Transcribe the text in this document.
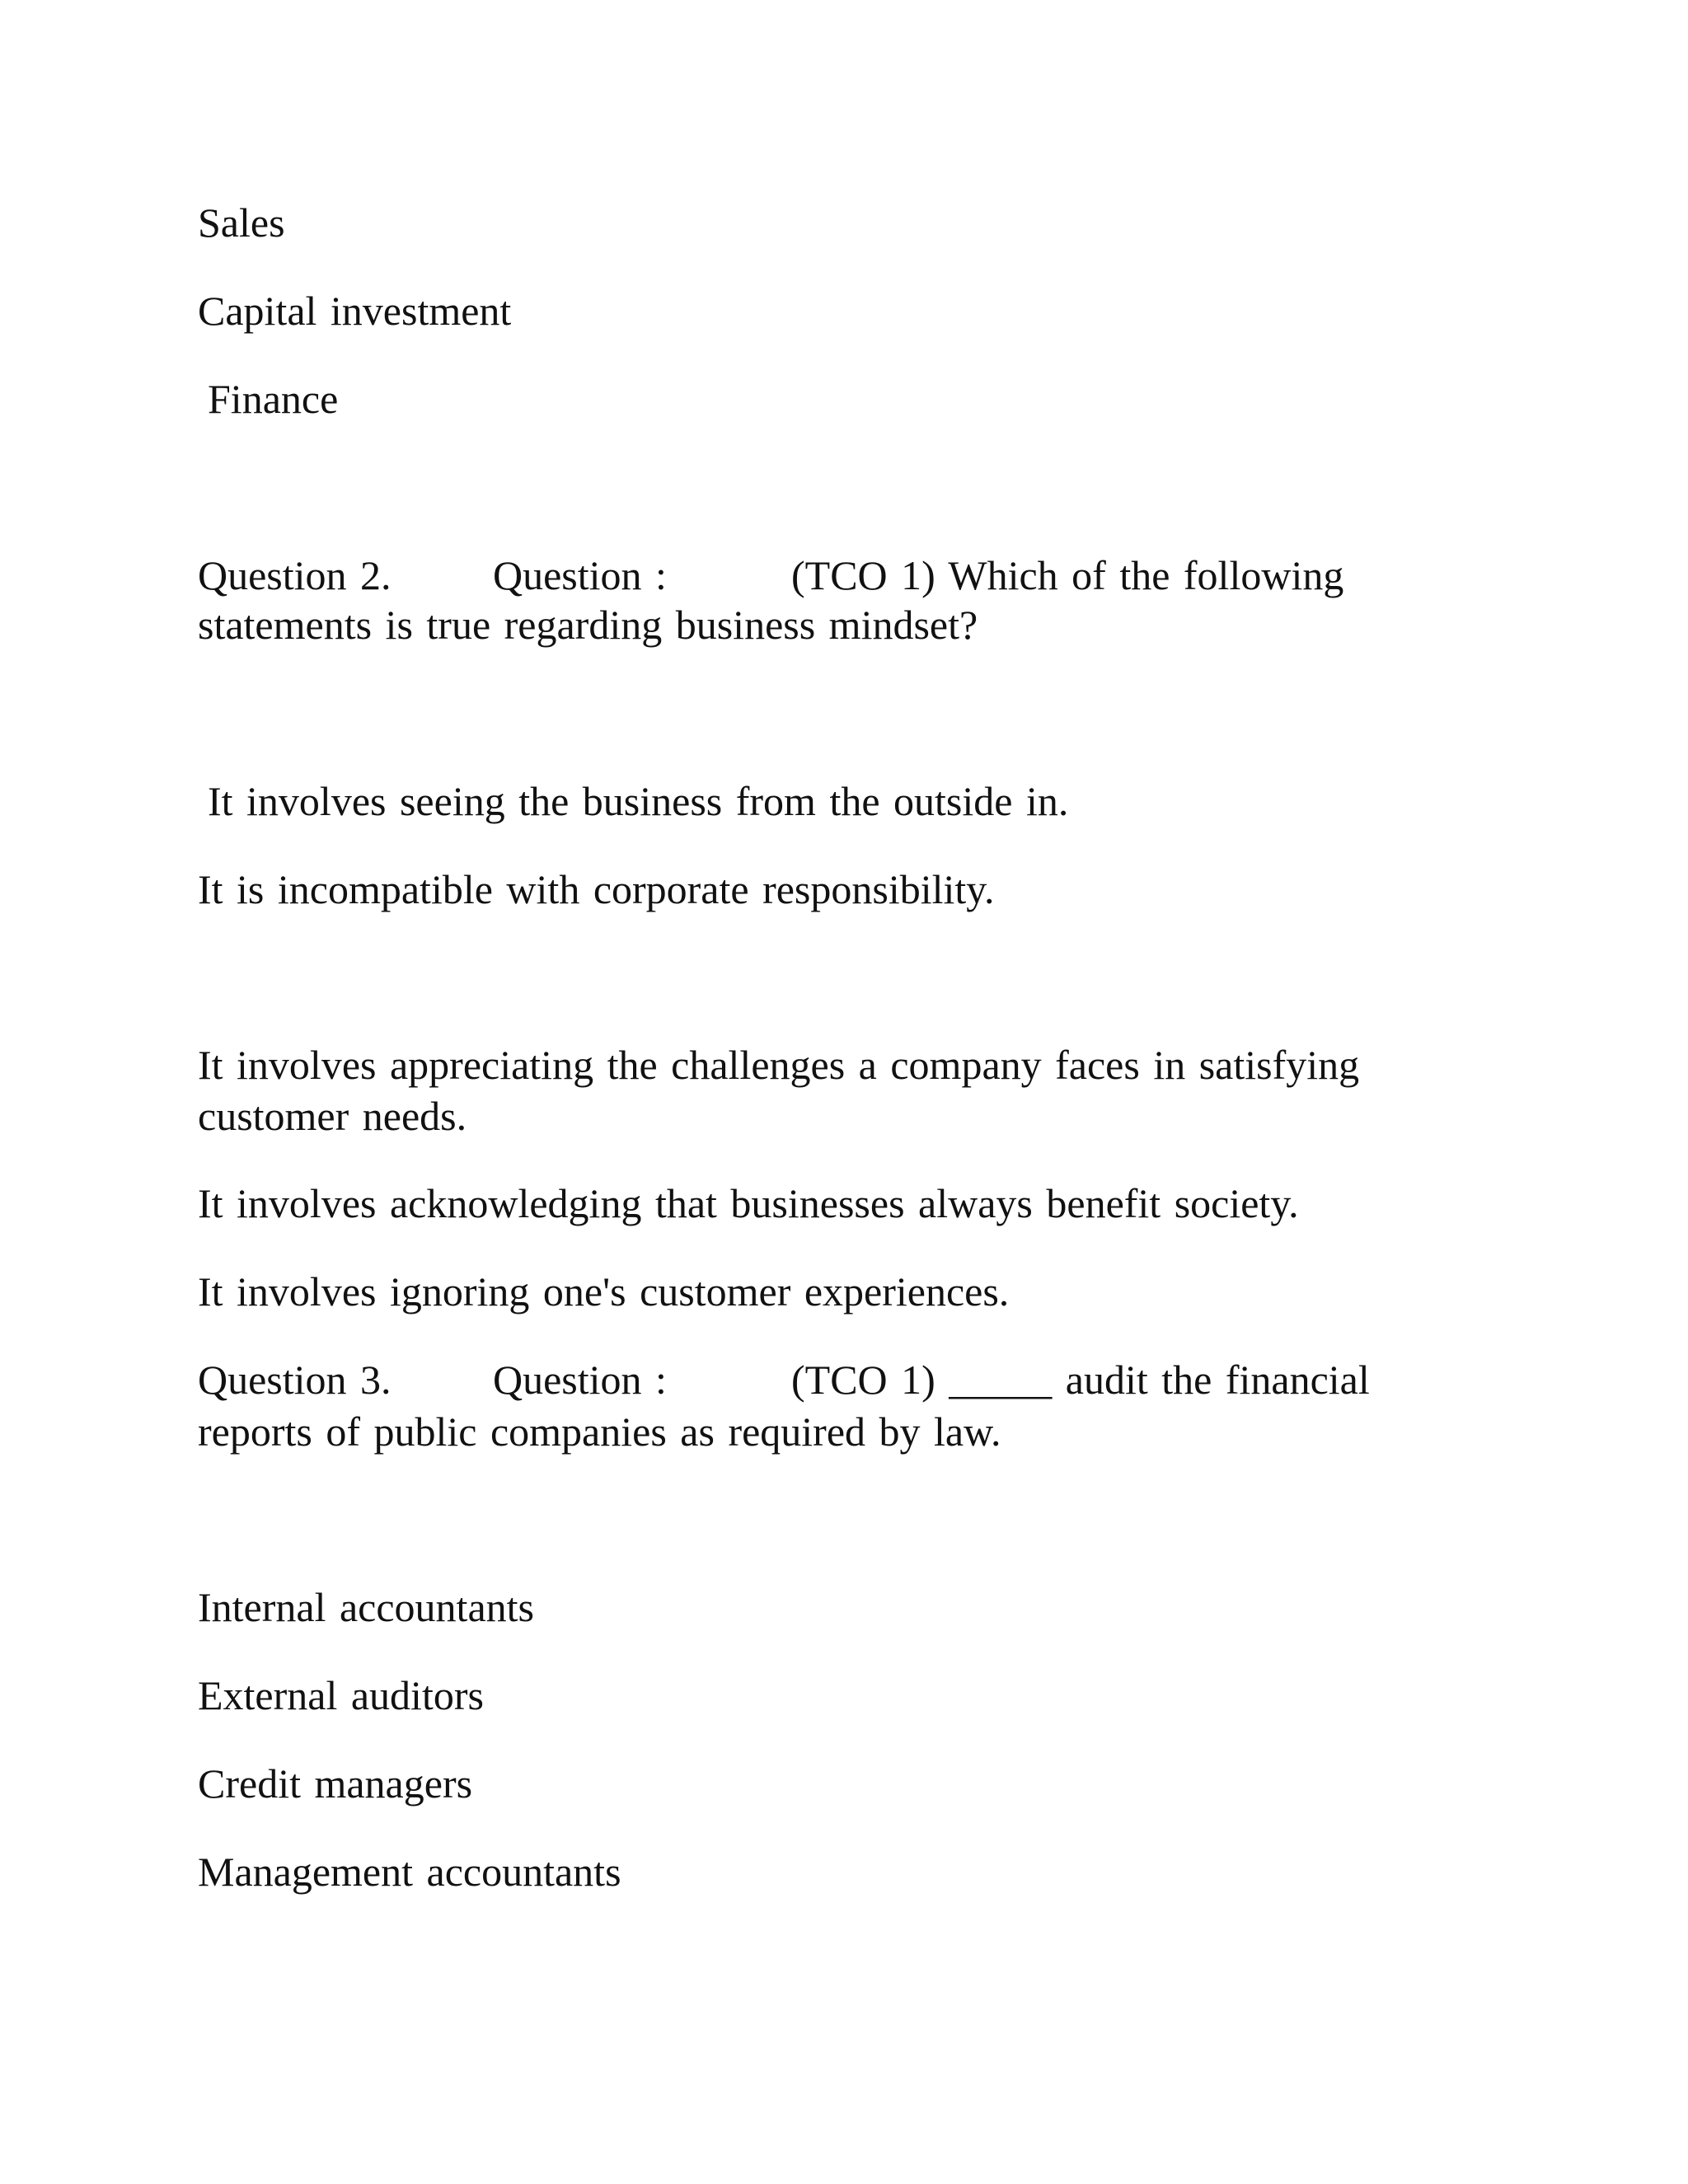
Sales
Capital investment
Finance

Question 2.

Question :

	(TCO 1) Which of the following

statements is true regarding business mindset?
It involves seeing the business from the outside in.
It is incompatible with corporate responsibility.
It involves appreciating the challenges a company faces in satisfying
customer needs.
It involves acknowledging that businesses always benefit society.
It involves ignoring one's customer experiences.

Question 3.

Question :

	(TCO 1) _____ audit the financial

reports of public companies as required by law.
Internal accountants
External auditors
Credit managers
Management accountants
